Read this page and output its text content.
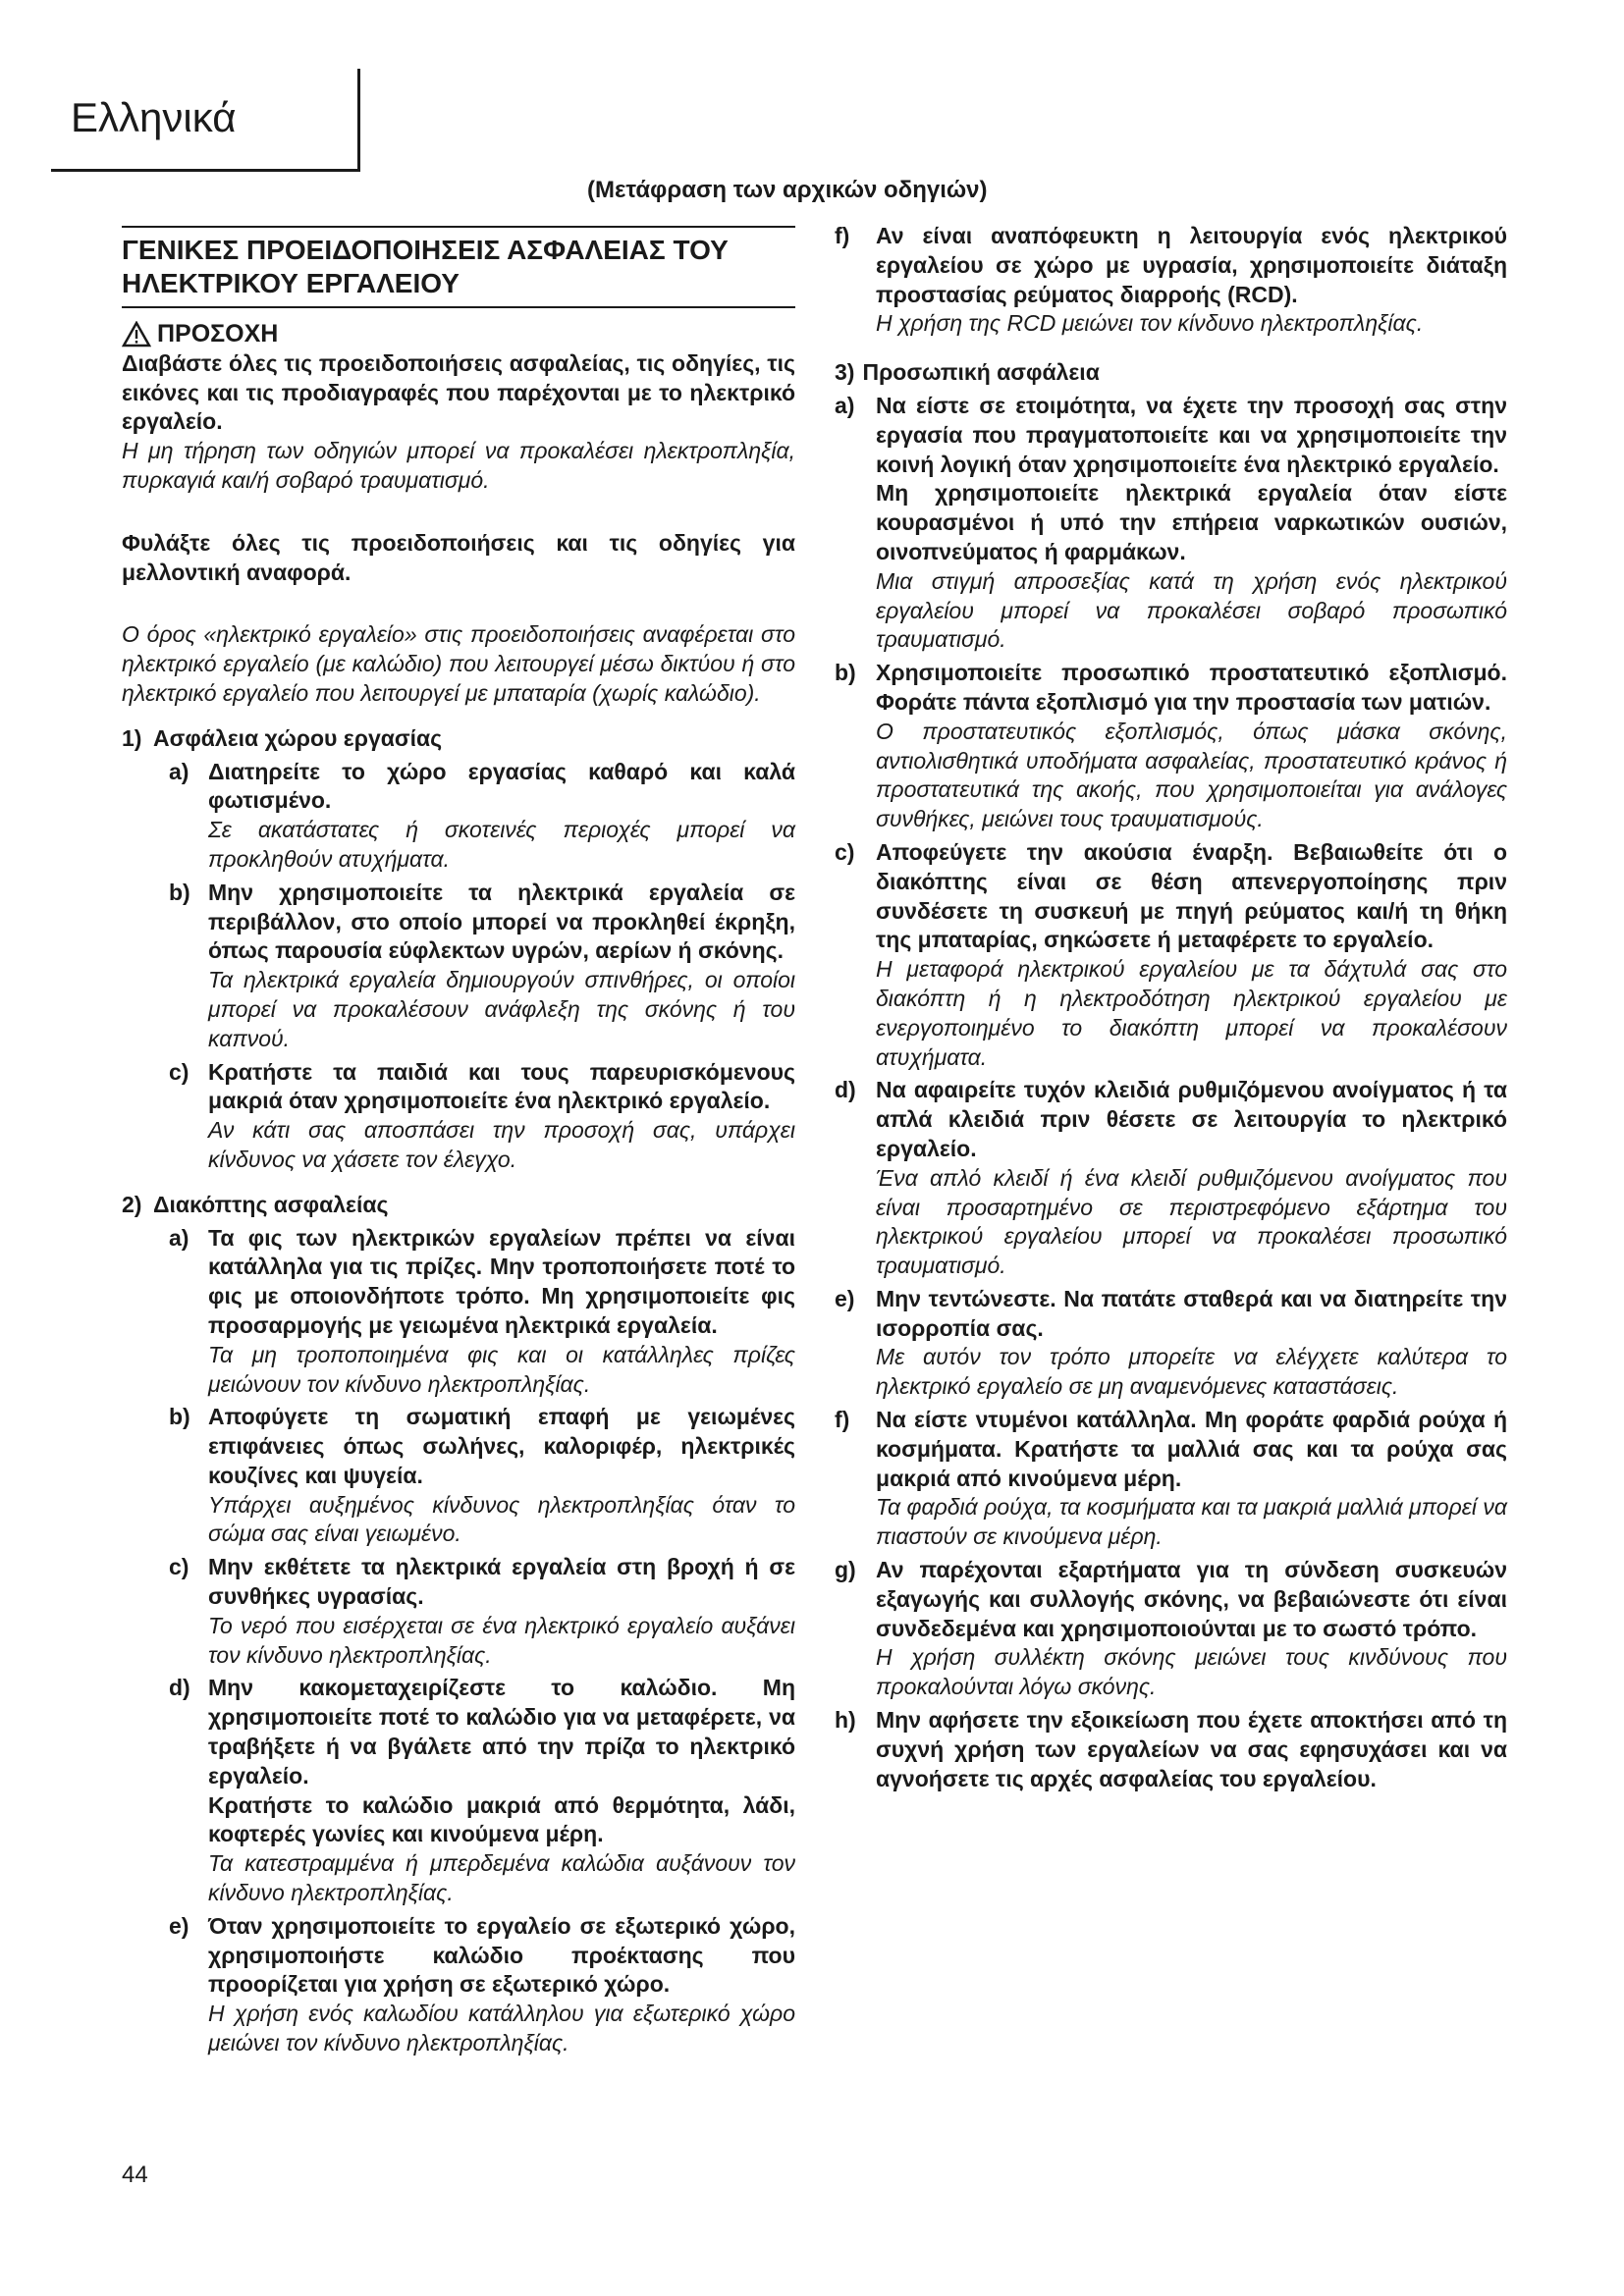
Ελληνικά
(Μετάφραση των αρχικών οδηγιών)
ΓΕΝΙΚΕΣ ΠΡΟΕΙΔΟΠΟΙΗΣΕΙΣ ΑΣΦΑΛΕΙΑΣ ΤΟΥ ΗΛΕΚΤΡΙΚΟΥ ΕΡΓΑΛΕΙΟΥ
ΠΡΟΣΟΧΗ

Διαβάστε όλες τις προειδοποιήσεις ασφαλείας, τις οδηγίες, τις εικόνες και τις προδιαγραφές που παρέχονται με το ηλεκτρικό εργαλείο.

Η μη τήρηση των οδηγιών μπορεί να προκαλέσει ηλεκτροπληξία, πυρκαγιά και/ή σοβαρό τραυματισμό.

Φυλάξτε όλες τις προειδοποιήσεις και τις οδηγίες για μελλοντική αναφορά.

Ο όρος «ηλεκτρικό εργαλείο» στις προειδοποιήσεις αναφέρεται στο ηλεκτρικό εργαλείο (με καλώδιο) που λειτουργεί μέσω δικτύου ή στο ηλεκτρικό εργαλείο που λειτουργεί με μπαταρία (χωρίς καλώδιο).

1) Ασφάλεια χώρου εργασίας
a) Διατηρείτε το χώρο εργασίας καθαρό και καλά φωτισμένο.

Σε ακατάστατες ή σκοτεινές περιοχές μπορεί να προκληθούν ατυχήματα.

b) Μην χρησιμοποιείτε τα ηλεκτρικά εργαλεία σε περιβάλλον, στο οποίο μπορεί να προκληθεί έκρηξη, όπως παρουσία εύφλεκτων υγρών, αερίων ή σκόνης.

Τα ηλεκτρικά εργαλεία δημιουργούν σπινθήρες, οι οποίοι μπορεί να προκαλέσουν ανάφλεξη της σκόνης ή του καπνού.

c) Κρατήστε τα παιδιά και τους παρευρισκόμενους μακριά όταν χρησιμοποιείτε ένα ηλεκτρικό εργαλείο.

Αν κάτι σας αποσπάσει την προσοχή σας, υπάρχει κίνδυνος να χάσετε τον έλεγχο.

2) Διακόπτης ασφαλείας
a) Τα φις των ηλεκτρικών εργαλείων πρέπει να είναι κατάλληλα για τις πρίζες. Μην τροποποιήσετε ποτέ το φις με οποιονδήποτε τρόπο. Μη χρησιμοποιείτε φις προσαρμογής με γειωμένα ηλεκτρικά εργαλεία.

Τα μη τροποποιημένα φις και οι κατάλληλες πρίζες μειώνουν τον κίνδυνο ηλεκτροπληξίας.

b) Αποφύγετε τη σωματική επαφή με γειωμένες επιφάνειες όπως σωλήνες, καλοριφέρ, ηλεκτρικές κουζίνες και ψυγεία.

Υπάρχει αυξημένος κίνδυνος ηλεκτροπληξίας όταν το σώμα σας είναι γειωμένο.

c) Μην εκθέτετε τα ηλεκτρικά εργαλεία στη βροχή ή σε συνθήκες υγρασίας.

Το νερό που εισέρχεται σε ένα ηλεκτρικό εργαλείο αυξάνει τον κίνδυνο ηλεκτροπληξίας.

d) Μην κακομεταχειρίζεστε το καλώδιο. Μη χρησιμοποιείτε ποτέ το καλώδιο για να μεταφέρετε, να τραβήξετε ή να βγάλετε από την πρίζα το ηλεκτρικό εργαλείο.

Κρατήστε το καλώδιο μακριά από θερμότητα, λάδι, κοφτερές γωνίες και κινούμενα μέρη.

Τα κατεστραμμένα ή μπερδεμένα καλώδια αυξάνουν τον κίνδυνο ηλεκτροπληξίας.

e) Όταν χρησιμοποιείτε το εργαλείο σε εξωτερικό χώρο, χρησιμοποιήστε καλώδιο προέκτασης που προορίζεται για χρήση σε εξωτερικό χώρο.

Η χρήση ενός καλωδίου κατάλληλου για εξωτερικό χώρο μειώνει τον κίνδυνο ηλεκτροπληξίας.

f) Αν είναι αναπόφευκτη η λειτουργία ενός ηλεκτρικού εργαλείου σε χώρο με υγρασία, χρησιμοποιείτε διάταξη προστασίας ρεύματος διαρροής (RCD).

Η χρήση της RCD μειώνει τον κίνδυνο ηλεκτροπληξίας.

3) Προσωπική ασφάλεια
a) Να είστε σε ετοιμότητα, να έχετε την προσοχή σας στην εργασία που πραγματοποιείτε και να χρησιμοποιείτε την κοινή λογική όταν χρησιμοποιείτε ένα ηλεκτρικό εργαλείο.

Μη χρησιμοποιείτε ηλεκτρικά εργαλεία όταν είστε κουρασμένοι ή υπό την επήρεια ναρκωτικών ουσιών, οινοπνεύματος ή φαρμάκων.

Μια στιγμή απροσεξίας κατά τη χρήση ενός ηλεκτρικού εργαλείου μπορεί να προκαλέσει σοβαρό προσωπικό τραυματισμό.

b) Χρησιμοποιείτε προσωπικό προστατευτικό εξοπλισμό. Φοράτε πάντα εξοπλισμό για την προστασία των ματιών.

Ο προστατευτικός εξοπλισμός, όπως μάσκα σκόνης, αντιολισθητικά υποδήματα ασφαλείας, προστατευτικό κράνος ή προστατευτικά της ακοής, που χρησιμοποιείται για ανάλογες συνθήκες, μειώνει τους τραυματισμούς.

c) Αποφεύγετε την ακούσια έναρξη. Βεβαιωθείτε ότι ο διακόπτης είναι σε θέση απενεργοποίησης πριν συνδέσετε τη συσκευή με πηγή ρεύματος και/ή τη θήκη της μπαταρίας, σηκώσετε ή μεταφέρετε το εργαλείο.

Η μεταφορά ηλεκτρικού εργαλείου με τα δάχτυλά σας στο διακόπτη ή η ηλεκτροδότηση ηλεκτρικού εργαλείου με ενεργοποιημένο το διακόπτη μπορεί να προκαλέσουν ατυχήματα.

d) Να αφαιρείτε τυχόν κλειδιά ρυθμιζόμενου ανοίγματος ή τα απλά κλειδιά πριν θέσετε σε λειτουργία το ηλεκτρικό εργαλείο.

Ένα απλό κλειδί ή ένα κλειδί ρυθμιζόμενου ανοίγματος που είναι προσαρτημένο σε περιστρεφόμενο εξάρτημα του ηλεκτρικού εργαλείου μπορεί να προκαλέσει προσωπικό τραυματισμό.

e) Μην τεντώνεστε. Να πατάτε σταθερά και να διατηρείτε την ισορροπία σας.

Με αυτόν τον τρόπο μπορείτε να ελέγχετε καλύτερα το ηλεκτρικό εργαλείο σε μη αναμενόμενες καταστάσεις.

f) Να είστε ντυμένοι κατάλληλα. Μη φοράτε φαρδιά ρούχα ή κοσμήματα. Κρατήστε τα μαλλιά σας και τα ρούχα σας μακριά από κινούμενα μέρη.

Τα φαρδιά ρούχα, τα κοσμήματα και τα μακριά μαλλιά μπορεί να πιαστούν σε κινούμενα μέρη.

g) Αν παρέχονται εξαρτήματα για τη σύνδεση συσκευών εξαγωγής και συλλογής σκόνης, να βεβαιώνεστε ότι είναι συνδεδεμένα και χρησιμοποιούνται με το σωστό τρόπο.

Η χρήση συλλέκτη σκόνης μειώνει τους κινδύνους που προκαλούνται λόγω σκόνης.

h) Μην αφήσετε την εξοικείωση που έχετε αποκτήσει από τη συχνή χρήση των εργαλείων να σας εφησυχάσει και να αγνοήσετε τις αρχές ασφαλείας του εργαλείου.

44
